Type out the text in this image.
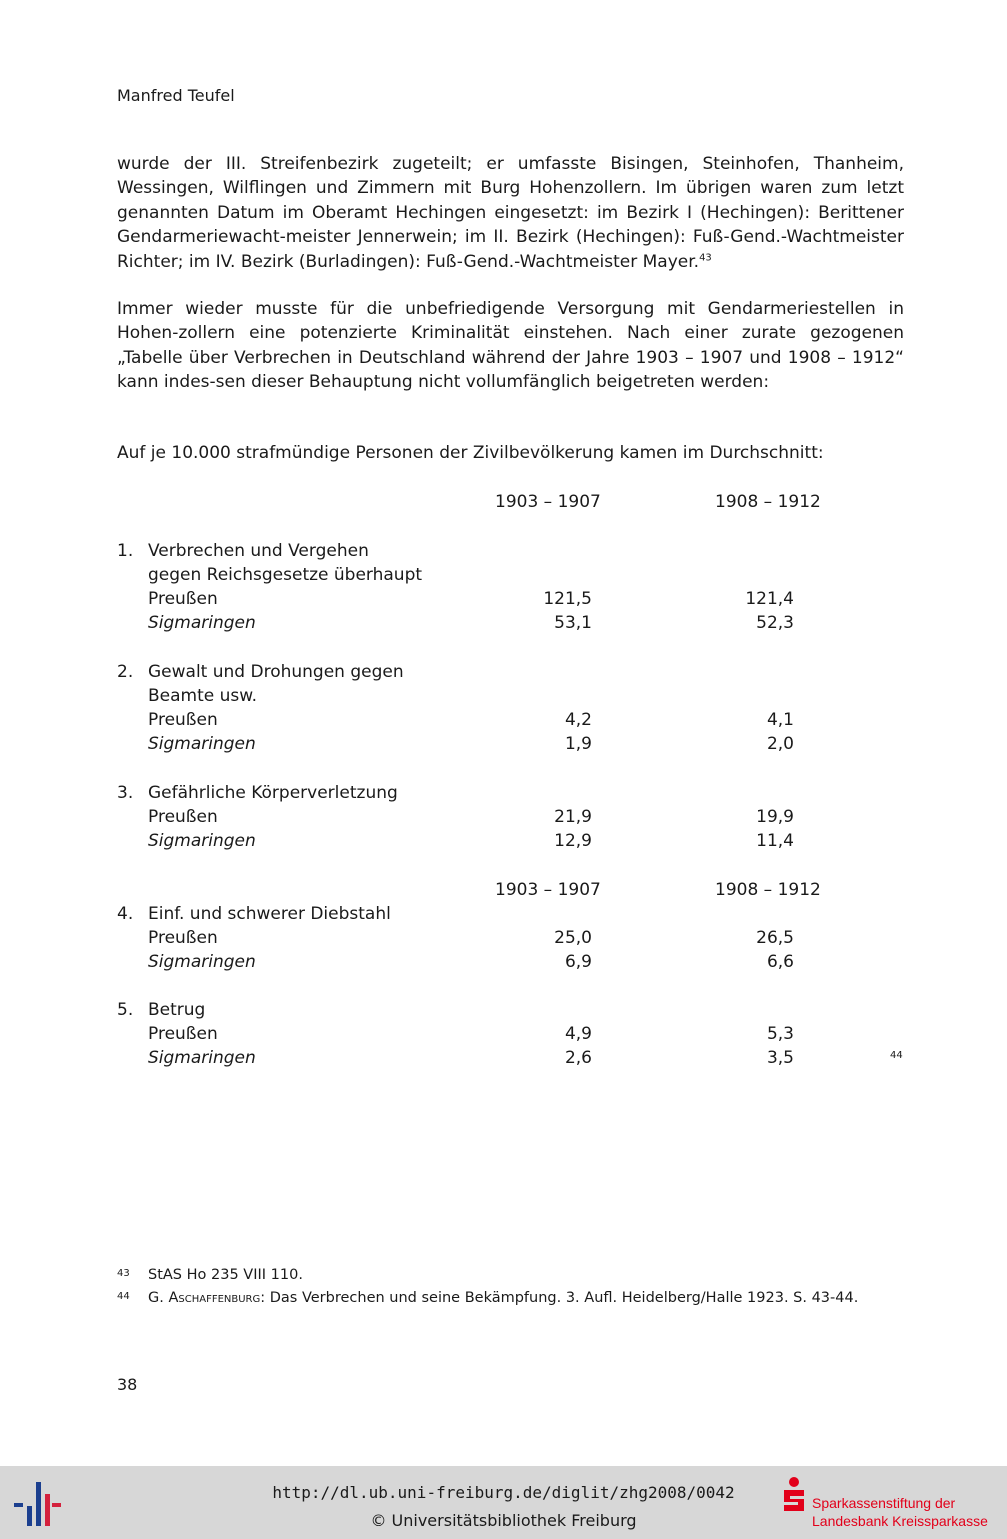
Manfred Teufel
wurde der III. Streifenbezirk zugeteilt; er umfasste Bisingen, Steinhofen, Thanheim, Wessingen, Wilflingen und Zimmern mit Burg Hohenzollern. Im übrigen waren zum letzt genannten Datum im Oberamt Hechingen eingesetzt: im Bezirk I (Hechingen): Berittener Gendarmeriewacht-meister Jennerwein; im II. Bezirk (Hechingen): Fuß-Gend.-Wachtmeister Richter; im IV. Bezirk (Burladingen): Fuß-Gend.-Wachtmeister Mayer.$^{43}$
Immer wieder musste für die unbefriedigende Versorgung mit Gendarmeriestellen in Hohen-zollern eine potenzierte Kriminalität einstehen. Nach einer zurate gezogenen „Tabelle über Verbrechen in Deutschland während der Jahre 1903 – 1907 und 1908 – 1912“ kann indes-sen dieser Behauptung nicht vollumfänglich beigetreten werden:
Auf je 10.000 strafmündige Personen der Zivilbevölkerung kamen im Durchschnitt:
1903 – 1907	1908 – 1912
1. Verbrechen und Vergehen
gegen Reichsgesetze überhaupt
Preußen	121,5	121,4
Sigmaringen	53,1	52,3
2. Gewalt und Drohungen gegen
Beamte usw.
Preußen	4,2	4,1
Sigmaringen	1,9	2,0
3. Gefährliche Körperverletzung
Preußen	21,9	19,9
Sigmaringen	12,9	11,4
1903 – 1907	1908 – 1912
4. Einf. und schwerer Diebstahl
Preußen	25,0	26,5
Sigmaringen	6,9	6,6
5. Betrug
Preußen	4,9	5,3
Sigmaringen	2,6	3,5	44
43 StAS Ho 235 VIII 110.
44 G. Aschaffenburg: Das Verbrechen und seine Bekämpfung. 3. Aufl. Heidelberg/Halle 1923. S. 43-44.
38
http://dl.ub.uni-freiburg.de/diglit/zhg2008/0042
© Universitätsbibliothek Freiburg
Sparkassenstiftung der
Landesbank Kreissparkasse
